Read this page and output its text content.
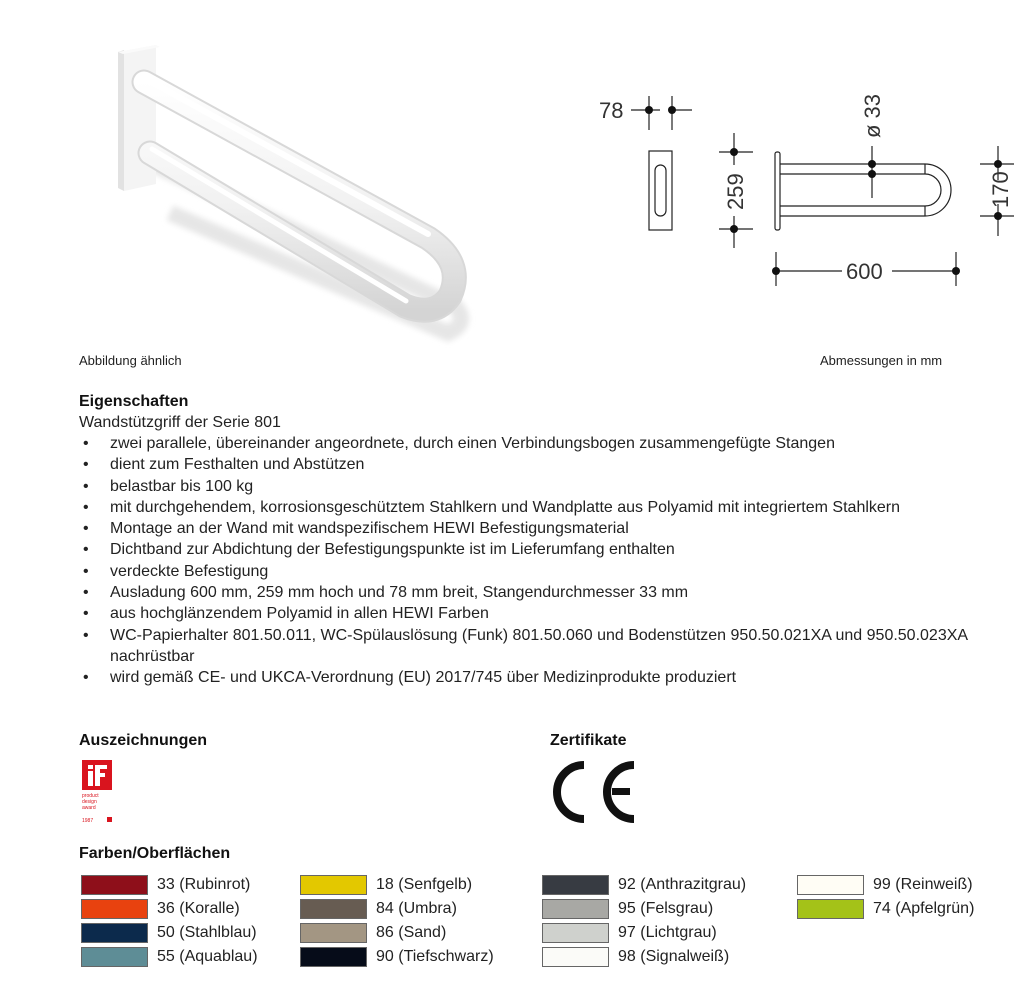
Abbildung ähnlich
78	ø 33
259	170
600
Abmessungen in mm
Eigenschaften
Wandstützgriff der Serie 801
• zwei parallele, übereinander angeordnete, durch einen Verbindungsbogen zusammengefügte Stangen
• dient zum Festhalten und Abstützen
• belastbar bis 100 kg
• mit durchgehendem, korrosionsgeschütztem Stahlkern und Wandplatte aus Polyamid mit integriertem Stahlkern
• Montage an der Wand mit wandspezifischem HEWI Befestigungsmaterial
• Dichtband zur Abdichtung der Befestigungspunkte ist im Lieferumfang enthalten
• verdeckte Befestigung
• Ausladung 600 mm, 259 mm hoch und 78 mm breit, Stangendurchmesser 33 mm
• aus hochglänzendem Polyamid in allen HEWI Farben
• WC-Papierhalter 801.50.011, WC-Spülauslösung (Funk) 801.50.060 und Bodenstützen 950.50.021XA und 950.50.023XA nachrüstbar
• wird gemäß CE- und UKCA-Verordnung (EU) 2017/745 über Medizinprodukte produziert
Auszeichnungen
product
design
award
1987
Zertifikate
Farben/Oberflächen
33 (Rubinrot)
36 (Koralle)
50 (Stahlblau)
55 (Aquablau)
18 (Senfgelb)
84 (Umbra)
86 (Sand)
90 (Tiefschwarz)
92 (Anthrazitgrau)
95 (Felsgrau)
97 (Lichtgrau)
98 (Signalweiß)
99 (Reinweiß)
74 (Apfelgrün)
